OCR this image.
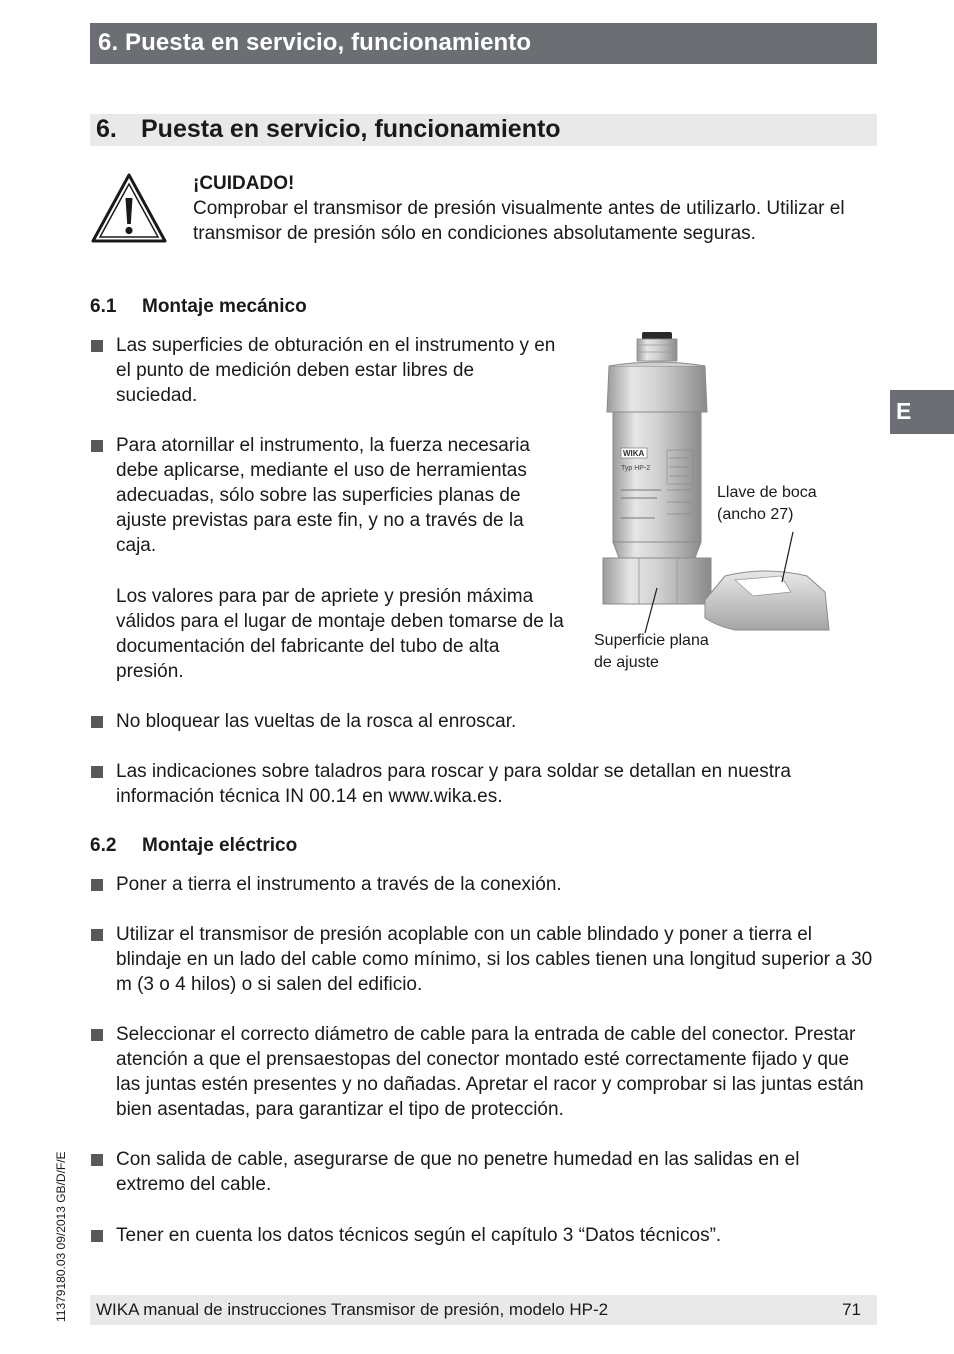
6. Puesta en servicio, funcionamiento
6. Puesta en servicio, funcionamiento
¡CUIDADO!
Comprobar el transmisor de presión visualmente antes de utilizarlo. Utilizar el transmisor de presión sólo en condiciones absolutamente seguras.
6.1 Montaje mecánico
Las superficies de obturación en el instrumento y en el punto de medición deben estar libres de suciedad.
Para atornillar el instrumento, la fuerza necesaria debe aplicarse, mediante el uso de herramientas adecuadas, sólo sobre las superficies planas de ajuste previstas para este fin, y no a través de la caja.
Los valores para par de apriete y presión máxima válidos para el lugar de montaje deben tomarse de la documentación del fabricante del tubo de alta presión.
No bloquear las vueltas de la rosca al enroscar.
Las indicaciones sobre taladros para roscar y para soldar se detallan en nuestra información técnica IN 00.14 en www.wika.es.
WIKA
Typ HP-2
Llave de boca
(ancho 27)
Superficie plana
de ajuste
6.2 Montaje eléctrico
Poner a tierra el instrumento a través de la conexión.
Utilizar el transmisor de presión acoplable con un cable blindado y poner a tierra el blindaje en un lado del cable como mínimo, si los cables tienen una longitud superior a 30 m (3 o 4 hilos) o si salen del edificio.
Seleccionar el correcto diámetro de cable para la entrada de cable del conector. Prestar atención a que el prensaestopas del conector montado esté correctamente fijado y que las juntas estén presentes y no dañadas. Apretar el racor y comprobar si las juntas están bien asentadas, para garantizar el tipo de protección.
Con salida de cable, asegurarse de que no penetre humedad en las salidas en el extremo del cable.
Tener en cuenta los datos técnicos según el capítulo 3 “Datos técnicos”.
E
11379180.03 09/2013 GB/D/F/E WIKA manual de instrucciones Transmisor de presión, modelo HP-2	71
